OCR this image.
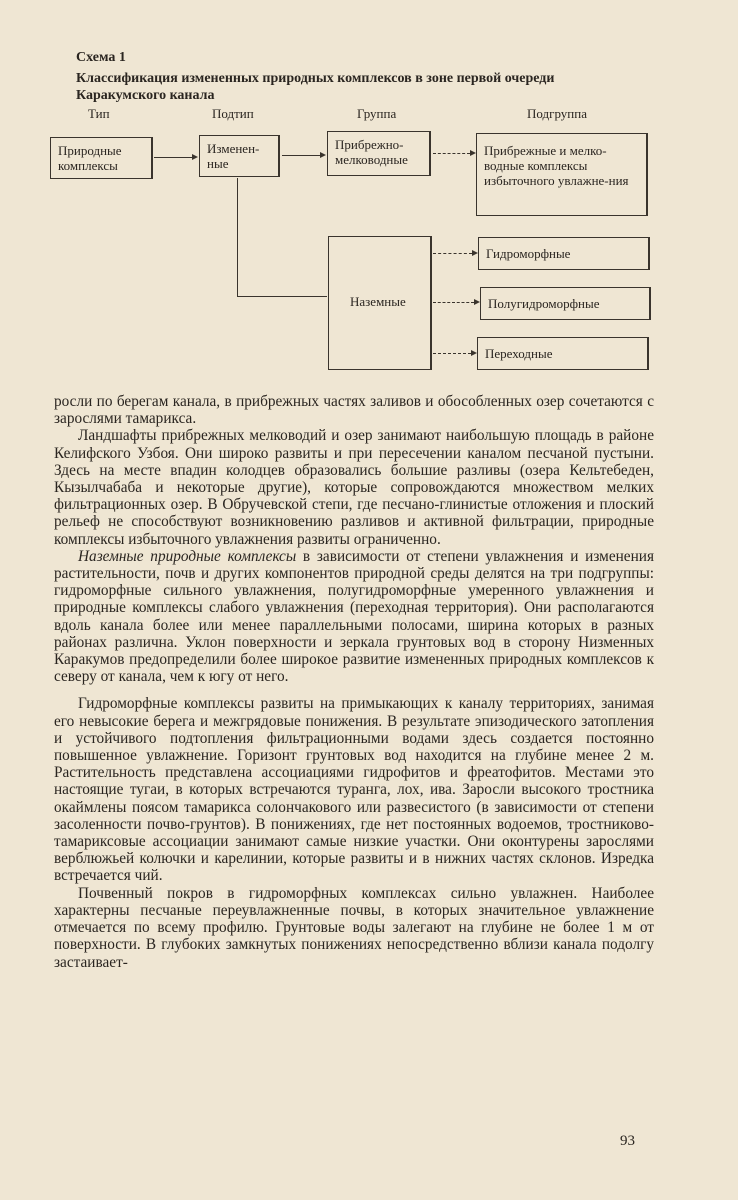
Схема 1
Классификация измененных природных комплексов в зоне первой очереди Каракумского канала
Тип	Подтип	Группа	Подгруппа
Природные комплексы
Изменен-ные
Прибрежно-мелководные
Прибрежные и мелко-водные комплексы избыточного увлажне-ния
Наземные
Гидроморфные
Полугидроморфные
Переходные

росли по берегам канала, в прибрежных частях заливов и обособленных озер сочетаются с зарослями тамарикса.

Ландшафты прибрежных мелководий и озер занимают наибольшую площадь в районе Келифского Узбоя. Они широко развиты и при пересечении каналом песчаной пустыни. Здесь на месте впадин колодцев образовались большие разливы (озера Кельтебеден, Кызылчабаба и некоторые другие), которые сопровождаются множеством мелких фильтрационных озер. В Обручевской степи, где песчано-глинистые отложения и плоский рельеф не способствуют возникновению разливов и активной фильтрации, природные комплексы избыточного увлажнения развиты ограниченно.

Наземные природные комплексы в зависимости от степени увлажнения и изменения растительности, почв и других компонентов природной среды делятся на три подгруппы: гидроморфные сильного увлажнения, полугидроморфные умеренного увлажнения и природные комплексы слабого увлажнения (переходная территория). Они располагаются вдоль канала более или менее параллельными полосами, ширина которых в разных районах различна. Уклон поверхности и зеркала грунтовых вод в сторону Низменных Каракумов предопределили более широкое развитие измененных природных комплексов к северу от канала, чем к югу от него.

Гидроморфные комплексы развиты на примыкающих к каналу территориях, занимая его невысокие берега и межгрядовые понижения. В результате эпизодического затопления и устойчивого подтопления фильтрационными водами здесь создается постоянно повышенное увлажнение. Горизонт грунтовых вод находится на глубине менее 2 м. Растительность представлена ассоциациями гидрофитов и фреатофитов. Местами это настоящие тугаи, в которых встречаются туранга, лох, ива. Заросли высокого тростника окаймлены поясом тамарикса солончакового или развесистого (в зависимости от степени засоленности почво-грунтов). В понижениях, где нет постоянных водоемов, тростниково-тамариксовые ассоциации занимают самые низкие участки. Они оконтурены зарослями верблюжьей колючки и карелинии, которые развиты и в нижних частях склонов. Изредка встречается чий.

Почвенный покров в гидроморфных комплексах сильно увлажнен. Наиболее характерны песчаные переувлажненные почвы, в которых значительное увлажнение отмечается по всему профилю. Грунтовые воды залегают на глубине не более 1 м от поверхности. В глубоких замкнутых понижениях непосредственно вблизи канала подолгу застаивает-

93
